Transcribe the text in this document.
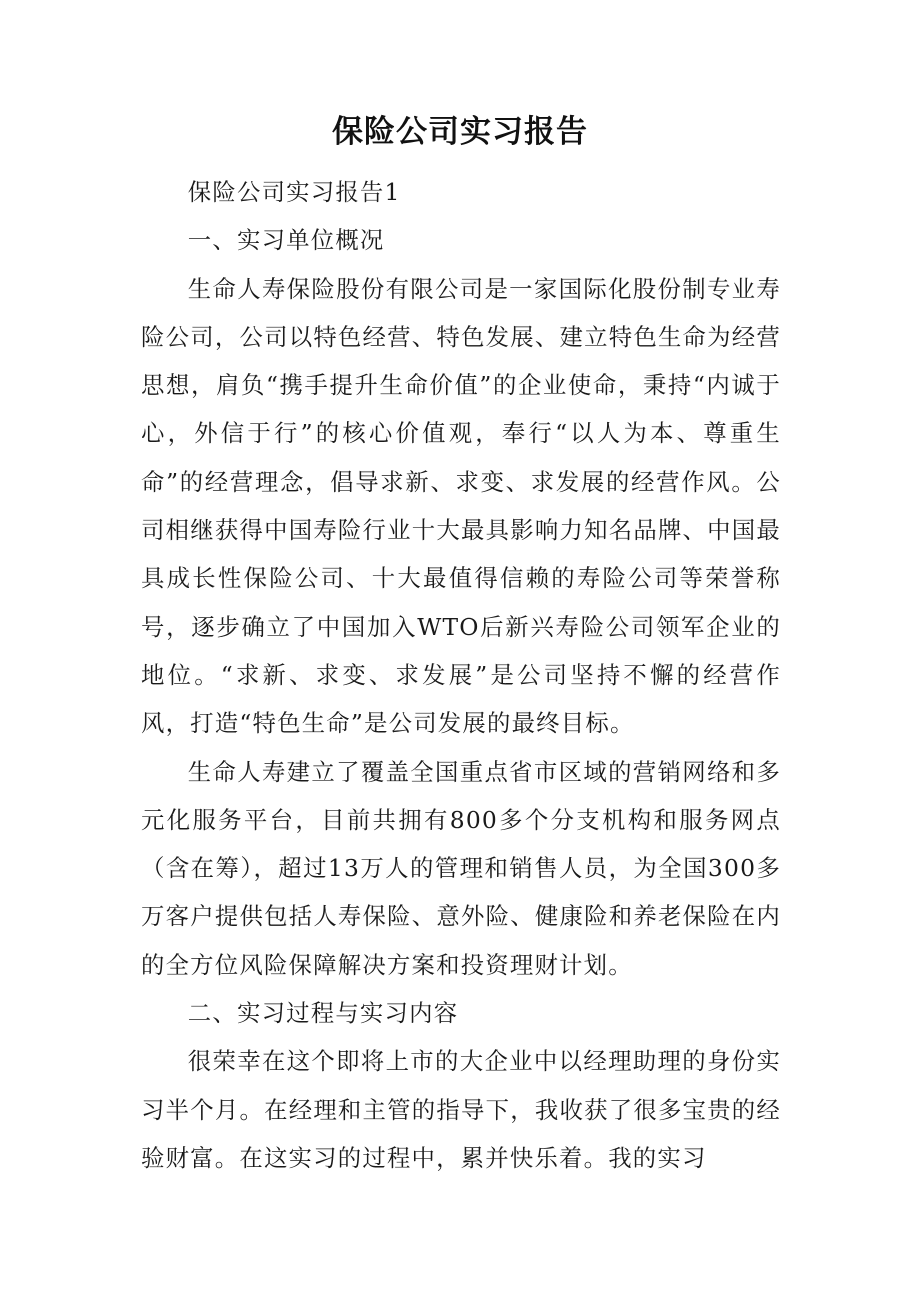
保险公司实习报告

保险公司实习报告1

一、实习单位概况

生命人寿保险股份有限公司是一家国际化股份制专业寿险公司，公司以特色经营、特色发展、建立特色生命为经营思想，肩负“携手提升生命价值”的企业使命，秉持“内诚于心，外信于行”的核心价值观，奉行“以人为本、尊重生命”的经营理念，倡导求新、求变、求发展的经营作风。公司相继获得中国寿险行业十大最具影响力知名品牌、中国最具成长性保险公司、十大最值得信赖的寿险公司等荣誉称号，逐步确立了中国加入WTO后新兴寿险公司领军企业的地位。“求新、求变、求发展”是公司坚持不懈的经营作风，打造“特色生命”是公司发展的最终目标。

生命人寿建立了覆盖全国重点省市区域的营销网络和多元化服务平台，目前共拥有800多个分支机构和服务网点（含在筹），超过13万人的管理和销售人员，为全国300多万客户提供包括人寿保险、意外险、健康险和养老保险在内的全方位风险保障解决方案和投资理财计划。

二、实习过程与实习内容

很荣幸在这个即将上市的大企业中以经理助理的身份实习半个月。在经理和主管的指导下，我收获了很多宝贵的经验财富。在这实习的过程中，累并快乐着。我的实习
